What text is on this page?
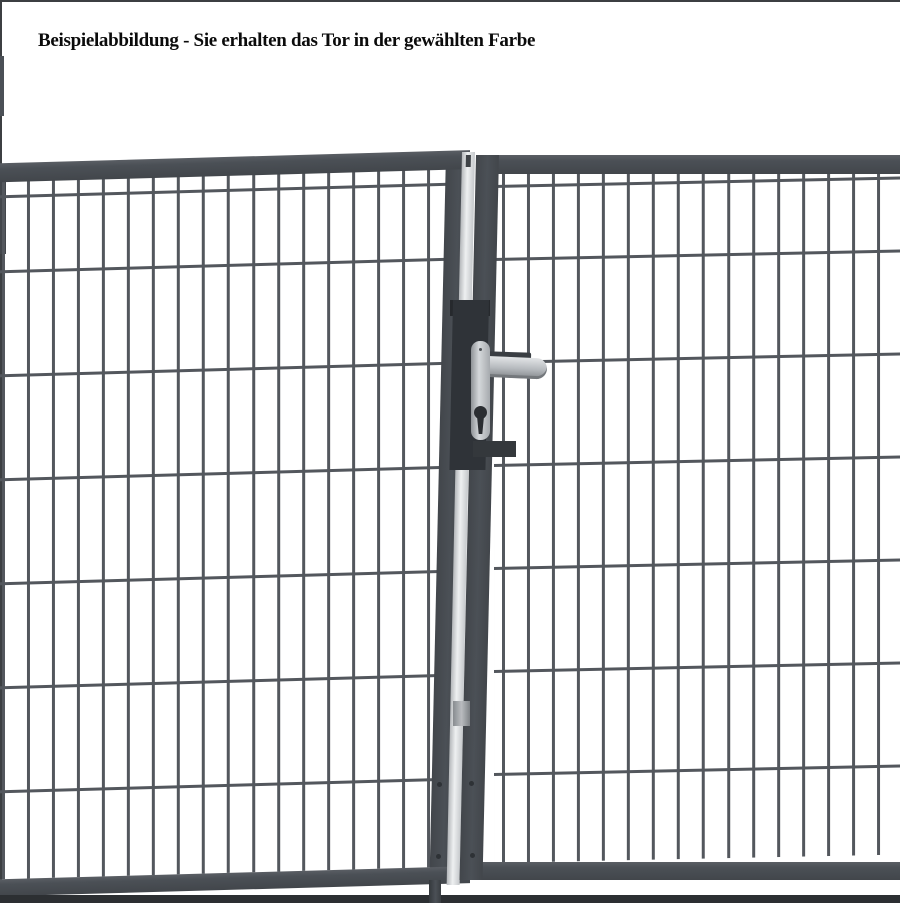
Beispielabbildung - Sie erhalten das Tor in der gewählten Farbe
